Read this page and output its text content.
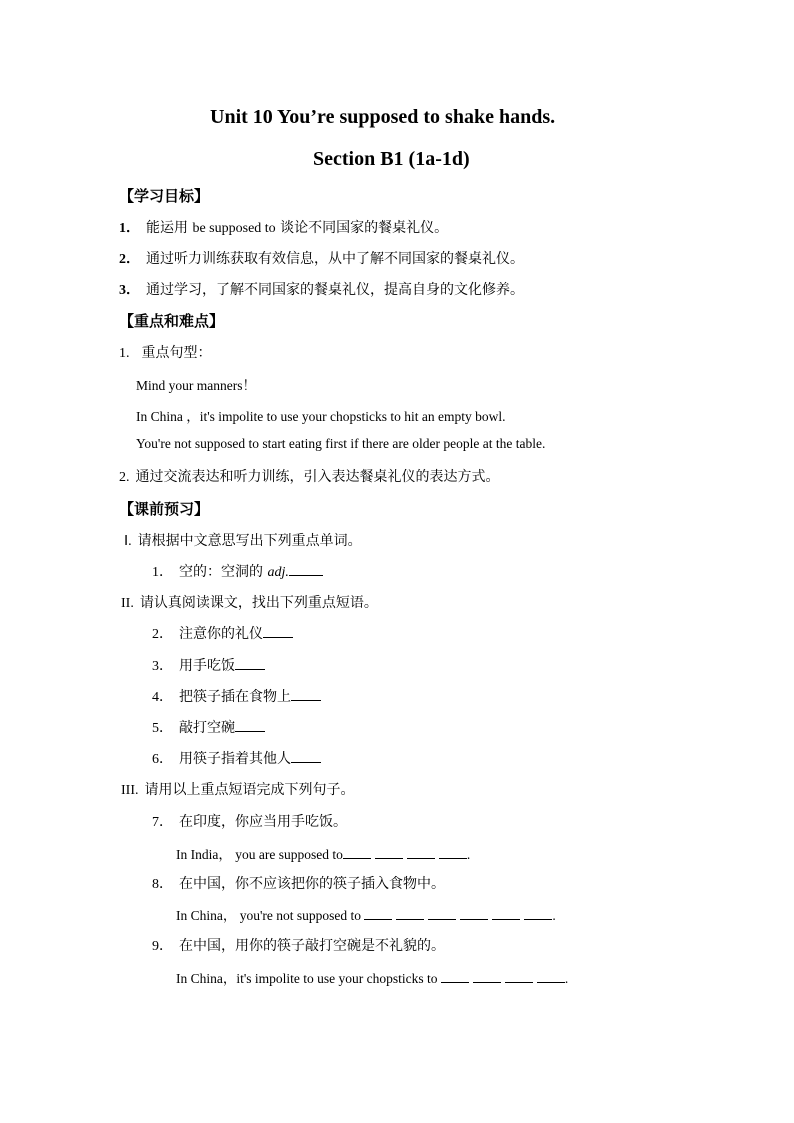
Unit 10 You’re supposed to shake hands.
Section B1 (1a-1d)
【学习目标】
1． 能运用 be supposed to 谈论不同国家的餐桌礼仪。
2． 通过听力训练获取有效信息，从中了解不同国家的餐桌礼仪。
3． 通过学习，了解不同国家的餐桌礼仪，提高自身的文化修养。
【重点和难点】
1. 重点句型：
Mind your manners！
In China ，it's impolite to use your chopsticks to hit an empty bowl.
You're not supposed to start eating first if there are older people at the table.
2. 通过交流表达和听力训练，引入表达餐桌礼仪的表达方式。
【课前预习】
Ⅰ. 请根据中文意思写出下列重点单词。
1． 空的：空洞的 adj.
II. 请认真阅读课文，找出下列重点短语。
2． 注意你的礼仪
3． 用手吃饭
4． 把筷子插在食物上
5． 敲打空碗
6． 用筷子指着其他人
III. 请用以上重点短语完成下列句子。
7． 在印度，你应当用手吃饭。
In India， you are supposed to	.
8． 在中国，你不应该把你的筷子插入食物中。
In China， you're not supposed to	.
9． 在中国，用你的筷子敲打空碗是不礼貌的。
In China，it's impolite to use your chopsticks to	.
